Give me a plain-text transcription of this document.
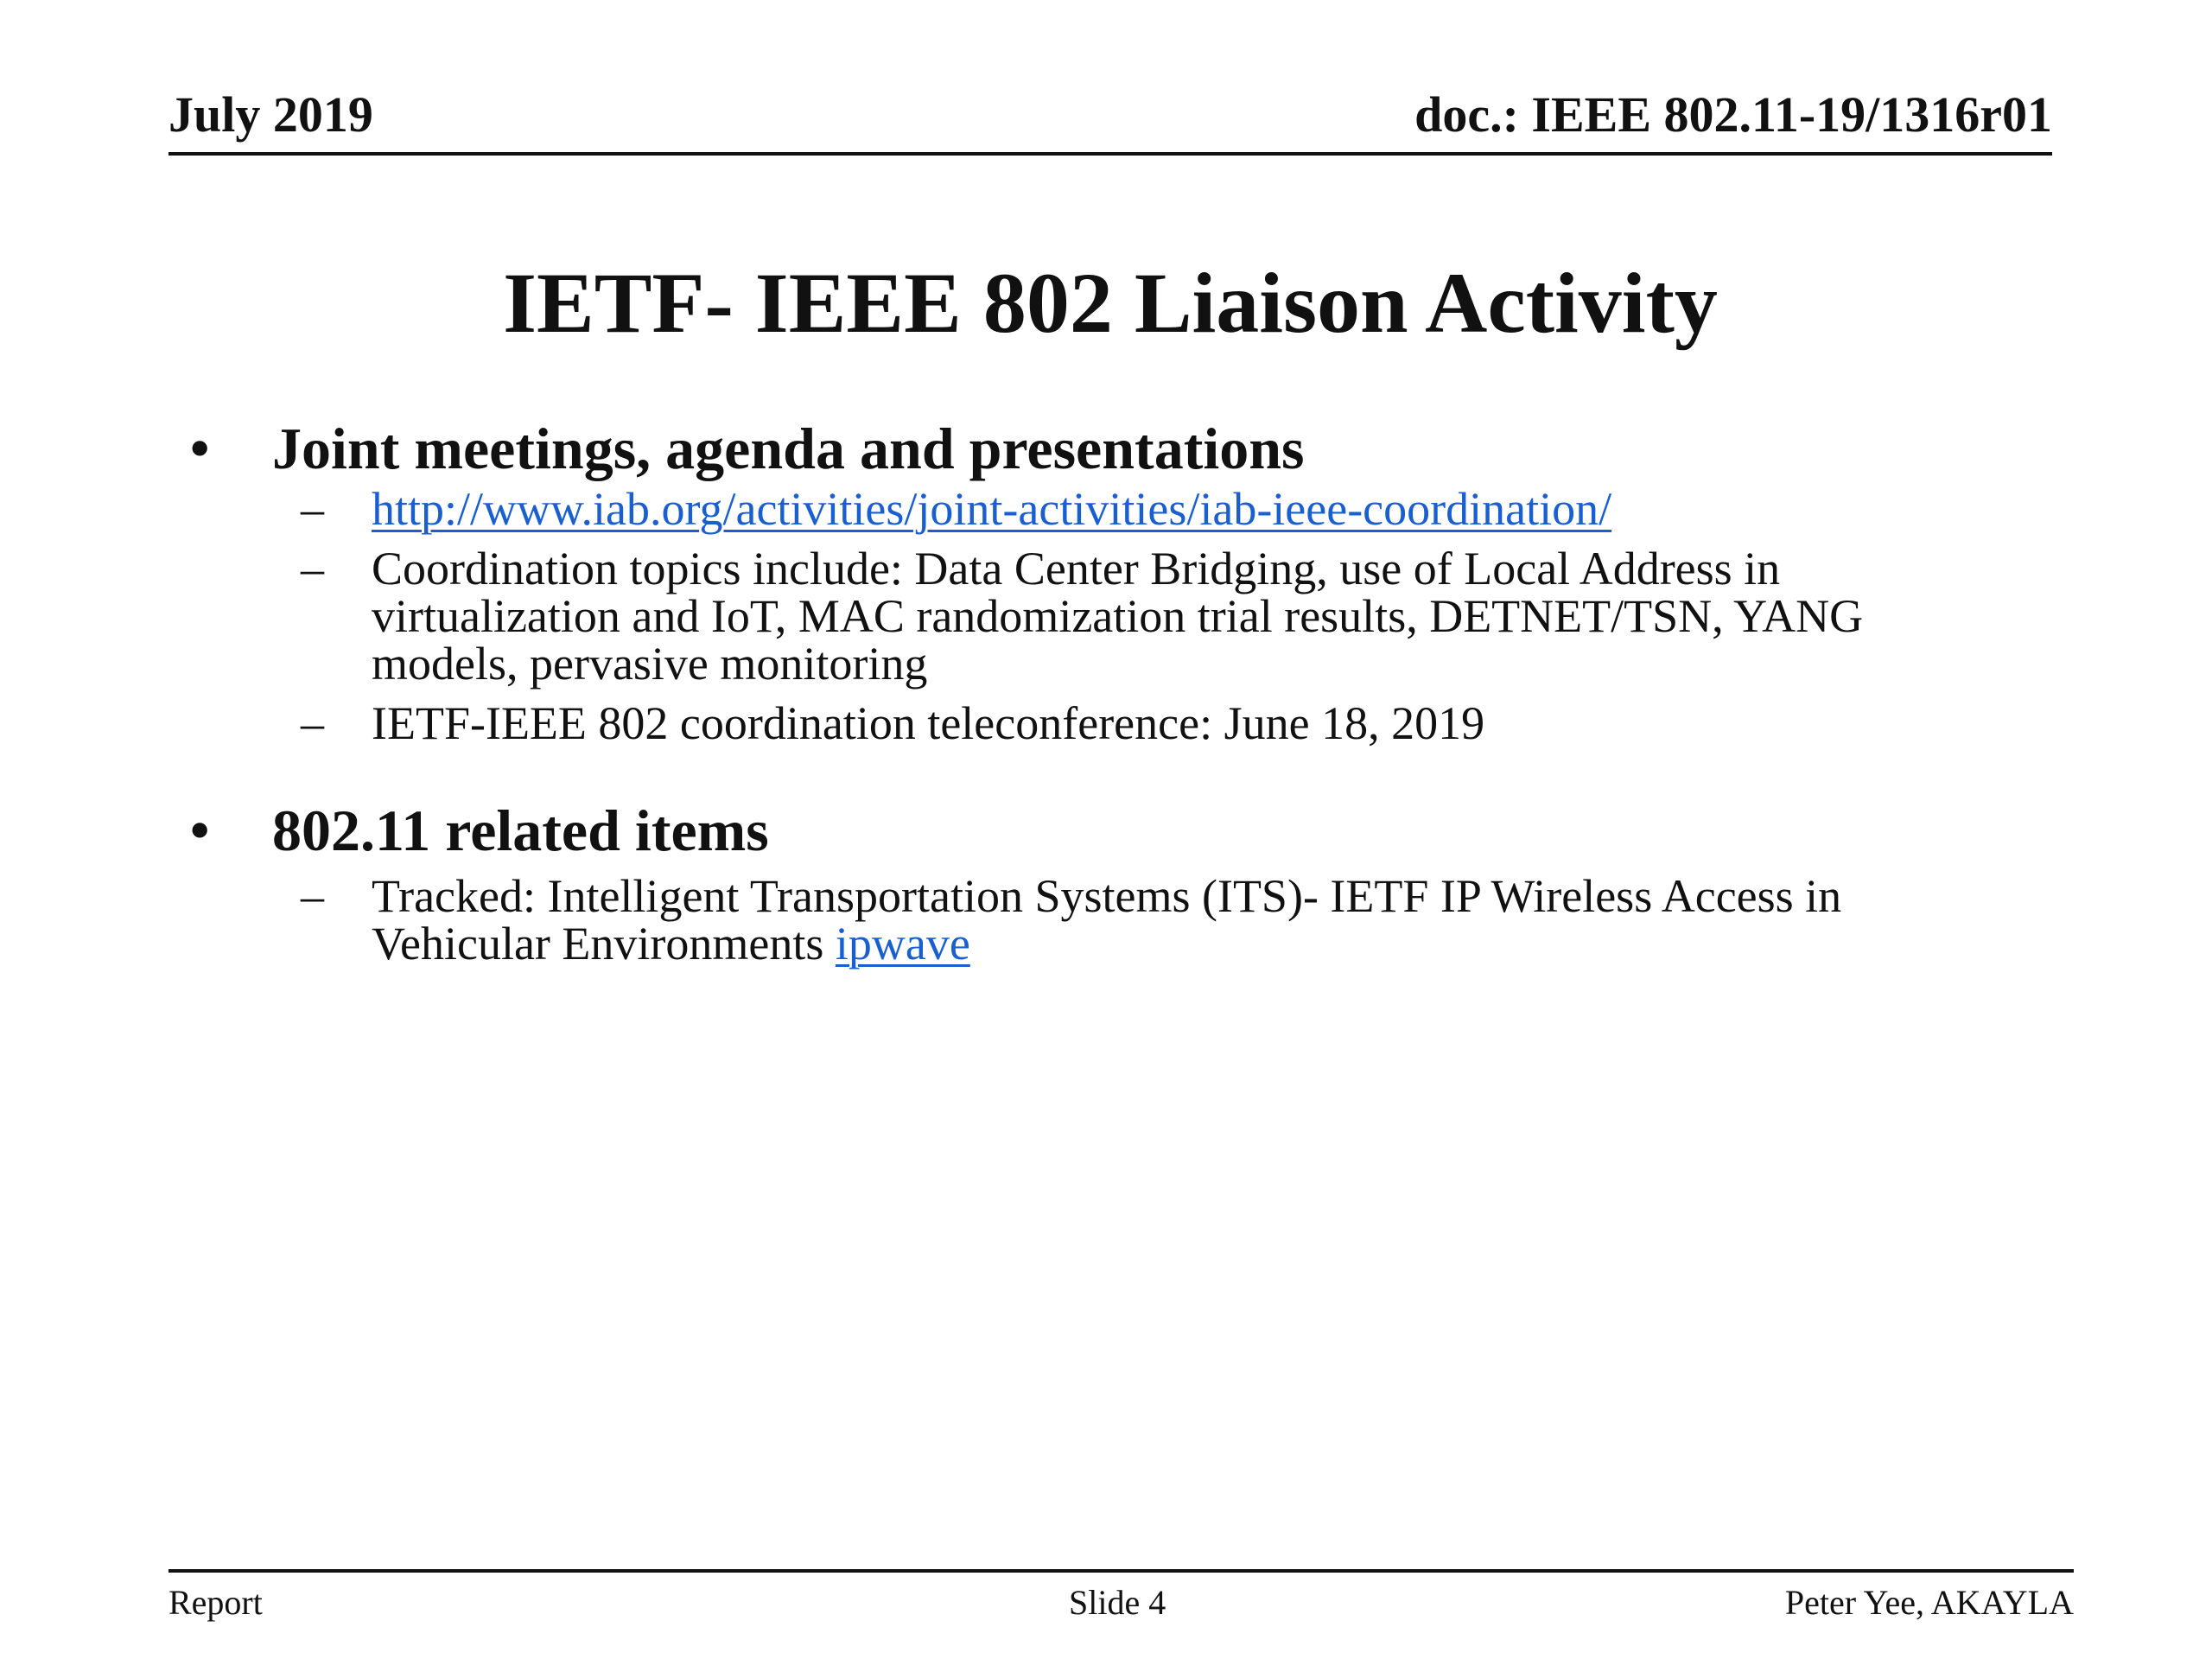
July 2019	doc.: IEEE 802.11-19/1316r01
IETF- IEEE 802 Liaison Activity
• Joint meetings, agenda and presentations
– http://www.iab.org/activities/joint-activities/iab-ieee-coordination/
– Coordination topics include: Data Center Bridging, use of Local Address in virtualization and IoT, MAC randomization trial results, DETNET/TSN, YANG models, pervasive monitoring
– IETF-IEEE 802 coordination teleconference: June 18, 2019
• 802.11 related items
– Tracked: Intelligent Transportation Systems (ITS)- IETF IP Wireless Access in Vehicular Environments ipwave
Report	Slide 4	Peter Yee, AKAYLA
